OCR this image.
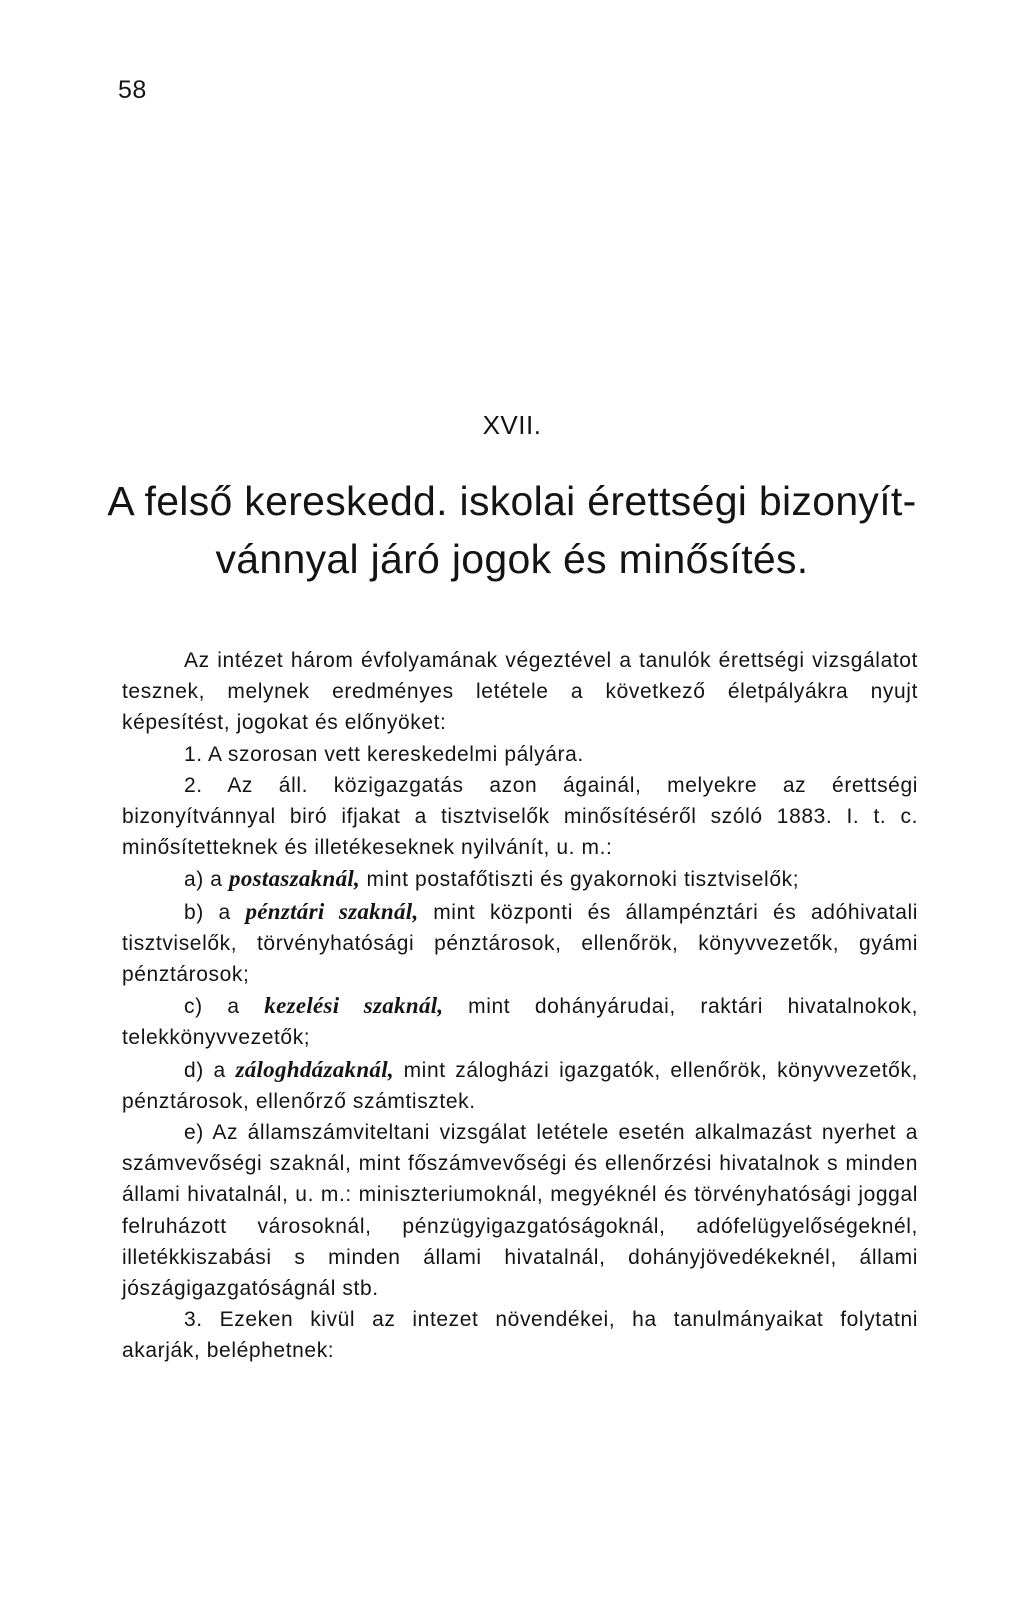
58
XVII.
A felső kereskedd. iskolai érettségi bizonyít-
vánnyal járó jogok és minősítés.

Az intézet három évfolyamának végeztével a tanulók érettségi vizsgálatot tesznek, melynek eredményes letétele a következő életpályákra nyujt képesítést, jogokat és előnyöket:

1. A szorosan vett kereskedelmi pályára.

2. Az áll. közigazgatás azon ágainál, melyekre az érettségi bizonyítvánnyal biró ifjakat a tisztviselők minősítéséről szóló 1883. I. t. c. minősítetteknek és illetékeseknek nyilvánít, u. m.:

a) a postaszaknál, mint postafőtiszti és gyakornoki tisztviselők;

b) a pénztári szaknál, mint központi és állampénztári és adóhivatali tisztviselők, törvényhatósági pénztárosok, ellenőrök, könyvvezetők, gyámi pénztárosok;

c) a kezelési szaknál, mint dohányárudai, raktári hivatalnokok, telekkönyvvezetők;

d) a záloghdázaknál, mint zálogházi igazgatók, ellenőrök, könyvvezetők, pénztárosok, ellenőrző számtisztek.

e) Az államszámviteltani vizsgálat letétele esetén alkalmazást nyerhet a számvevőségi szaknál, mint főszámvevőségi és ellenőrzési hivatalnok s minden állami hivatalnál, u. m.: miniszteriumoknál, megyéknél és törvényhatósági joggal felruházott városoknál, pénzügyigazgatóságoknál, adófelügyelőségeknél, illetékkiszabási s minden állami hivatalnál, dohányjövedékeknél, állami jószágigazgatóságnál stb.

3. Ezeken kivül az intezet növendékei, ha tanulmányaikat folytatni akarják, beléphetnek:
